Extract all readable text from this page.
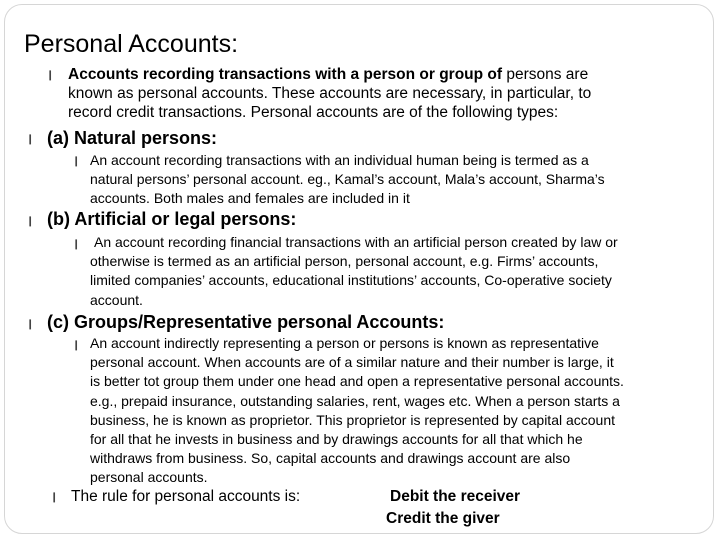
Personal Accounts:
❙ Accounts recording transactions with a person or group of persons are
known as personal accounts. These accounts are necessary, in particular, to
record credit transactions. Personal accounts are of the following types:
❙ (a) Natural persons:
❙ An account recording transactions with an individual human being is termed as a
natural persons’ personal account. eg., Kamal’s account, Mala’s account, Sharma’s
accounts. Both males and females are included in it
❙ (b) Artificial or legal persons:
❙ An account recording financial transactions with an artificial person created by law or
otherwise is termed as an artificial person, personal account, e.g. Firms’ accounts,
limited companies’ accounts, educational institutions’ accounts, Co-operative society
account.
❙ (c) Groups/Representative personal Accounts:
❙ An account indirectly representing a person or persons is known as representative
personal account. When accounts are of a similar nature and their number is large, it
is better tot group them under one head and open a representative personal accounts.
e.g., prepaid insurance, outstanding salaries, rent, wages etc. When a person starts a
business, he is known as proprietor. This proprietor is represented by capital account
for all that he invests in business and by drawings accounts for all that which he
withdraws from business. So, capital accounts and drawings account are also
personal accounts.
❙ The rule for personal accounts is:	Debit the receiver
Credit the giver
